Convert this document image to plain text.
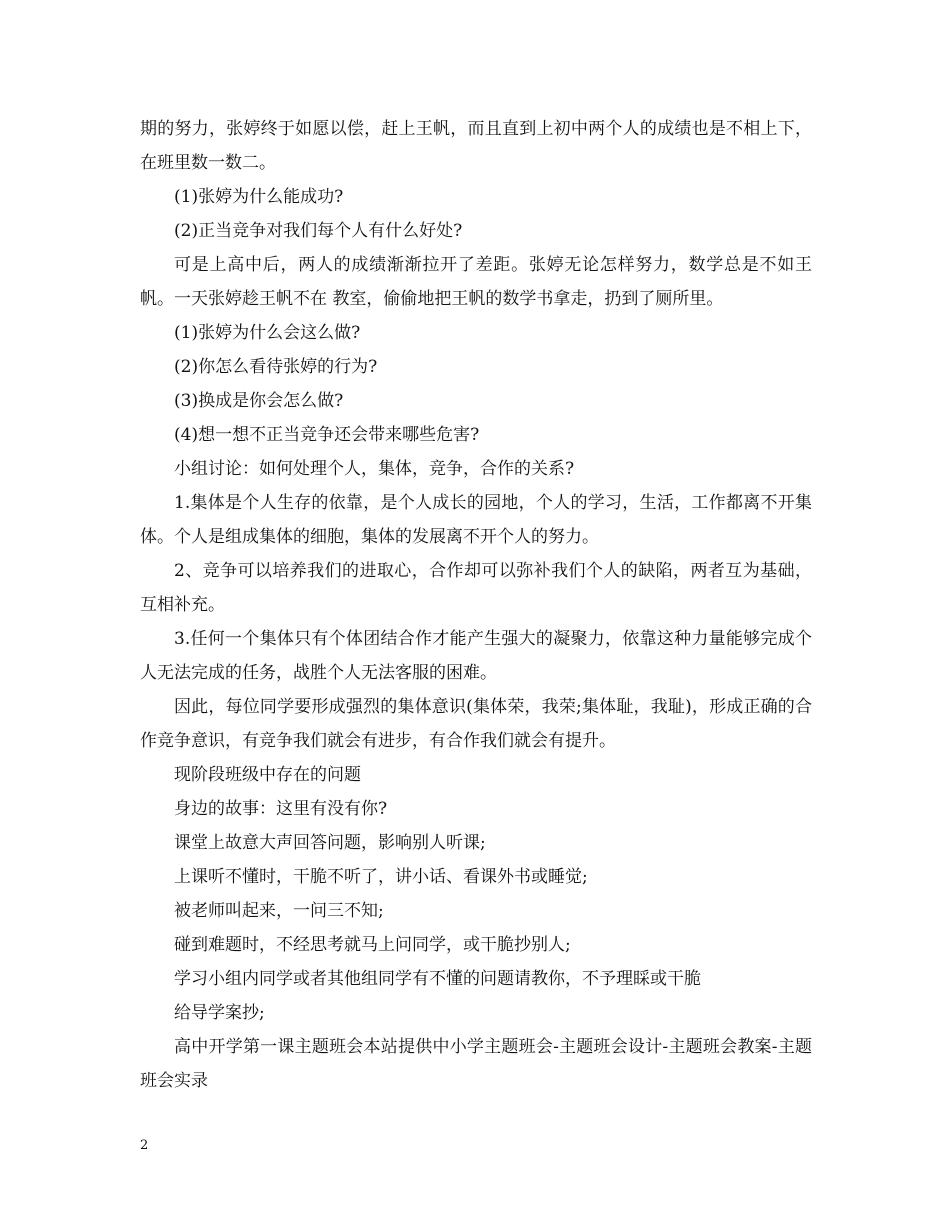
期的努力，张婷终于如愿以偿，赶上王帆，而且直到上初中两个人的成绩也是不相上下，在班里数一数二。

(1)张婷为什么能成功?

(2)正当竞争对我们每个人有什么好处?

可是上高中后，两人的成绩渐渐拉开了差距。张婷无论怎样努力，数学总是不如王帆。一天张婷趁王帆不在 教室，偷偷地把王帆的数学书拿走，扔到了厕所里。

(1)张婷为什么会这么做?

(2)你怎么看待张婷的行为?

(3)换成是你会怎么做?

(4)想一想不正当竞争还会带来哪些危害?

小组讨论：如何处理个人，集体，竞争，合作的关系?

1.集体是个人生存的依靠，是个人成长的园地，个人的学习，生活，工作都离不开集体。个人是组成集体的细胞，集体的发展离不开个人的努力。

2、竞争可以培养我们的进取心，合作却可以弥补我们个人的缺陷，两者互为基础，互相补充。

3.任何一个集体只有个体团结合作才能产生强大的凝聚力，依靠这种力量能够完成个人无法完成的任务，战胜个人无法客服的困难。

因此，每位同学要形成强烈的集体意识(集体荣，我荣;集体耻，我耻)，形成正确的合作竞争意识，有竞争我们就会有进步，有合作我们就会有提升。

现阶段班级中存在的问题

身边的故事：这里有没有你?

课堂上故意大声回答问题，影响别人听课;

上课听不懂时，干脆不听了，讲小话、看课外书或睡觉;

被老师叫起来，一问三不知;

碰到难题时，不经思考就马上问同学，或干脆抄别人;

学习小组内同学或者其他组同学有不懂的问题请教你，不予理睬或干脆

给导学案抄;

高中开学第一课主题班会本站提供中小学主题班会-主题班会设计-主题班会教案-主题班会实录

2
